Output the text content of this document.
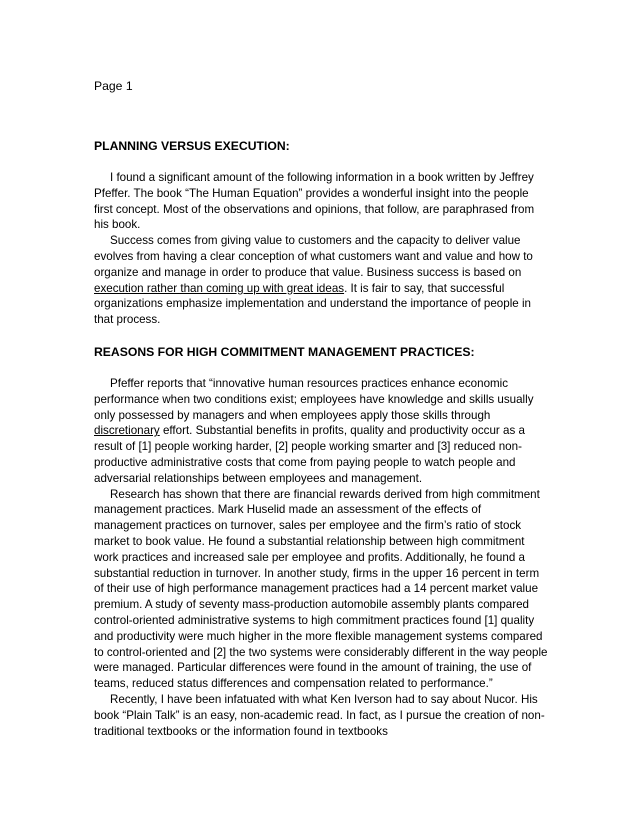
Page 1

PLANNING VERSUS EXECUTION:

I found a significant amount of the following information in a book written by Jeffrey Pfeffer. The book “The Human Equation” provides a wonderful insight into the people first concept. Most of the observations and opinions, that follow, are paraphrased from his book.

Success comes from giving value to customers and the capacity to deliver value evolves from having a clear conception of what customers want and value and how to organize and manage in order to produce that value. Business success is based on execution rather than coming up with great ideas. It is fair to say, that successful organizations emphasize implementation and understand the importance of people in that process.

REASONS FOR HIGH COMMITMENT MANAGEMENT PRACTICES:

Pfeffer reports that “innovative human resources practices enhance economic performance when two conditions exist; employees have knowledge and skills usually only possessed by managers and when employees apply those skills through discretionary effort. Substantial benefits in profits, quality and productivity occur as a result of [1] people working harder, [2] people working smarter and [3] reduced non-productive administrative costs that come from paying people to watch people and adversarial relationships between employees and management.

Research has shown that there are financial rewards derived from high commitment management practices. Mark Huselid made an assessment of the effects of management practices on turnover, sales per employee and the firm’s ratio of stock market to book value. He found a substantial relationship between high commitment work practices and increased sale per employee and profits. Additionally, he found a substantial reduction in turnover. In another study, firms in the upper 16 percent in term of their use of high performance management practices had a 14 percent market value premium. A study of seventy mass-production automobile assembly plants compared control-oriented administrative systems to high commitment practices found [1] quality and productivity were much higher in the more flexible management systems compared to control-oriented and [2] the two systems were considerably different in the way people were managed. Particular differences were found in the amount of training, the use of teams, reduced status differences and compensation related to performance.”

Recently, I have been infatuated with what Ken Iverson had to say about Nucor. His book “Plain Talk” is an easy, non-academic read. In fact, as I pursue the creation of non-traditional textbooks or the information found in textbooks
